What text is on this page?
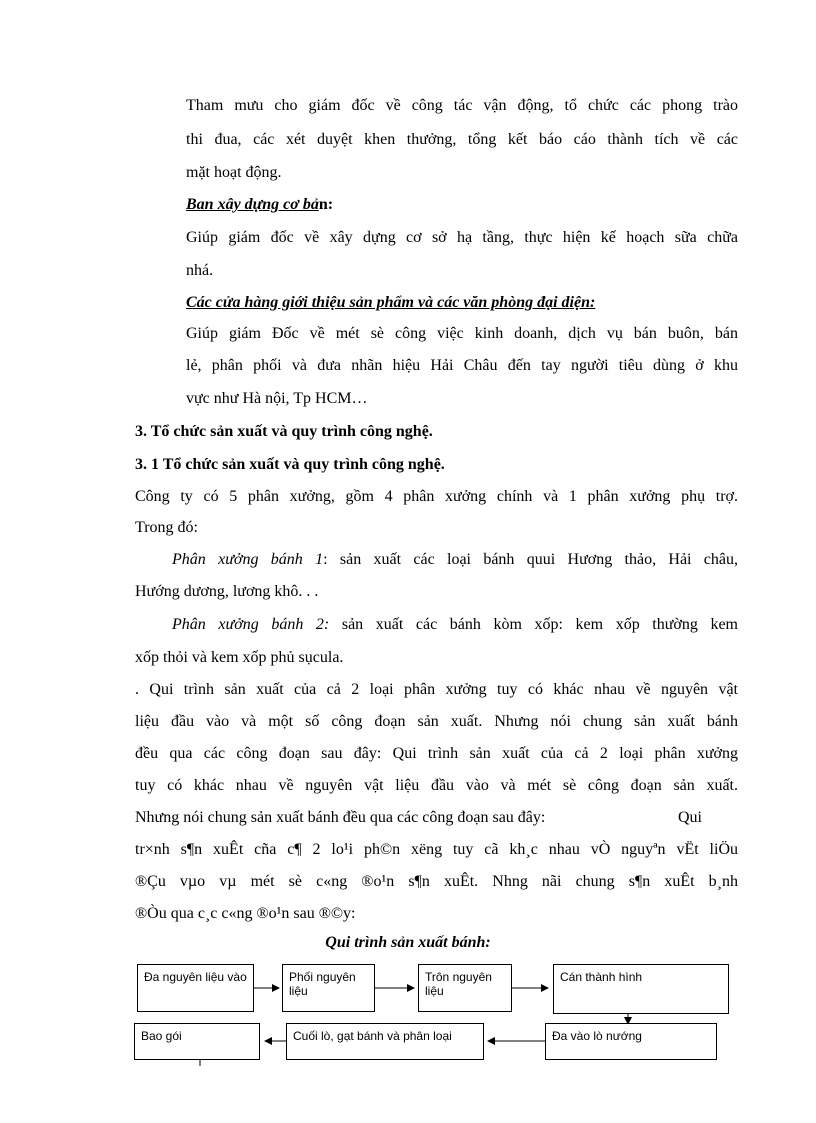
Tham mưu cho giám đốc về công tác vận động, tổ chức các phong trào
thi đua, các xét duyệt khen thưởng, tổng kết báo cáo thành tích về các
mặt hoạt động.
Ban xây dựng cơ bản:
Giúp giám đốc về xây dựng cơ sở hạ tầng, thực hiện kế hoạch sữa chữa
nhá.
Các cửa hàng giới thiệu sản phẩm và các văn phòng đại diện:
Giúp giám Đốc về mét sè công việc kinh doanh, dịch vụ bán buôn, bán
lẻ, phân phối và đưa nhãn hiệu Hải Châu đến tay người tiêu dùng ở khu
vực như Hà nội, Tp HCM…
3. Tổ chức sản xuất và quy trình công nghệ.
3. 1 Tổ chức sản xuất và quy trình công nghệ.
Công ty có 5 phân xưởng, gồm 4 phân xưởng chính và 1 phân xưởng phụ trợ.
Trong đó:
Phân xưởng bánh 1: sản xuất các loại bánh quui Hương thảo, Hải châu,
Hướng dương, lương khô. . .
Phân xưởng bánh 2: sản xuất các bánh kòm xốp: kem xốp thường kem
xốp thỏi và kem xốp phủ sụcula.
. Qui trình sản xuất của cả 2 loại phân xưởng tuy có khác nhau về nguyên vật
liệu đầu vào và một số công đoạn sản xuất. Nhưng nói chung sản xuất bánh
đều qua các công đoạn sau đây: Qui trình sản xuất của cả 2 loại phân xưởng
tuy có khác nhau về nguyên vật liệu đầu vào và mét sè công đoạn sản xuất.
Nhưng nói chung sản xuất bánh đều qua các công đoạn sau đây:	Qui
tr×nh s¶n xuÊt cña c¶ 2 lo¹i ph©n xëng tuy cã kh¸c nhau vÒ nguyªn vËt liÖu
®Çu vµo vµ mét sè c«ng ®o¹n s¶n xuÊt. Nhng nãi chung s¶n xuÊt b¸nh
®Òu qua c¸c c«ng ®o¹n sau ®©y:
Qui trình sản xuất bánh:
Đa nguyên liệu vào	Phối nguyên liệu
Trôn nguyên liệu
Cán thành hình
Đa vào lò nướng
Cuối lò, gạt bánh và phân loại
Bao gói
